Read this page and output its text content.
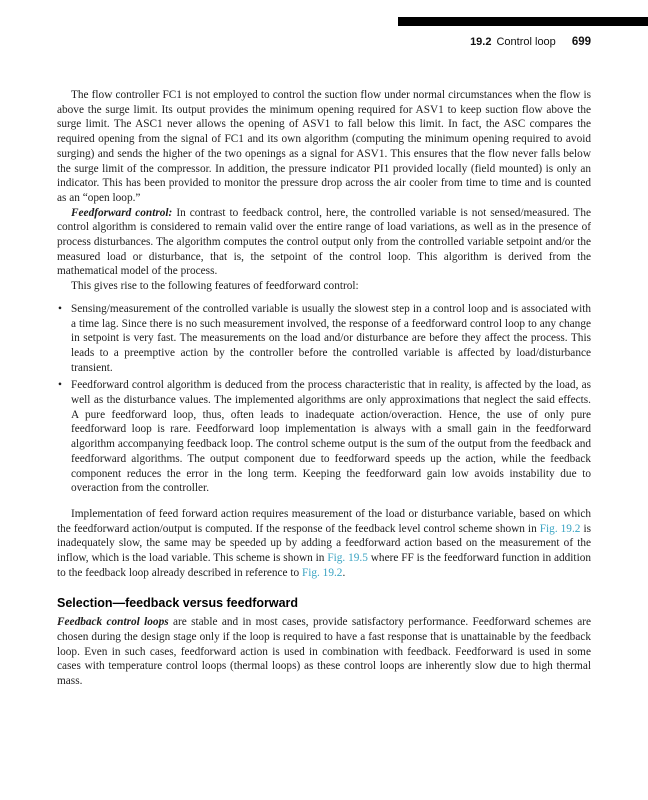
19.2 Control loop 699

The flow controller FC1 is not employed to control the suction flow under normal circumstances when the flow is above the surge limit. Its output provides the minimum opening required for ASV1 to keep suction flow above the surge limit. The ASC1 never allows the opening of ASV1 to fall below this limit. In fact, the ASC compares the required opening from the signal of FC1 and its own algorithm (computing the minimum opening required to avoid surging) and sends the higher of the two openings as a signal for ASV1. This ensures that the flow never falls below the surge limit of the compressor. In addition, the pressure indicator PI1 provided locally (field mounted) is only an indicator. This has been provided to monitor the pressure drop across the air cooler from time to time and is counted as an “open loop.”

Feedforward control: In contrast to feedback control, here, the controlled variable is not sensed/measured. The control algorithm is considered to remain valid over the entire range of load variations, as well as in the presence of process disturbances. The algorithm computes the control output only from the controlled variable setpoint and/or the measured load or disturbance, that is, the setpoint of the control loop. This algorithm is derived from the mathematical model of the process.

This gives rise to the following features of feedforward control:

• Sensing/measurement of the controlled variable is usually the slowest step in a control loop and is associated with a time lag. Since there is no such measurement involved, the response of a feedforward control loop to any change in setpoint is very fast. The measurements on the load and/or disturbance are before they affect the process. This leads to a preemptive action by the controller before the controlled variable is affected by load/disturbance transient.
• Feedforward control algorithm is deduced from the process characteristic that in reality, is affected by the load, as well as the disturbance values. The implemented algorithms are only approximations that neglect the said effects. A pure feedforward loop, thus, often leads to inadequate action/overaction. Hence, the use of only pure feedforward loop is rare. Feedforward loop implementation is always with a small gain in the feedforward algorithm accompanying feedback loop. The control scheme output is the sum of the output from the feedback and feedforward algorithms. The output component due to feedforward speeds up the action, while the feedback component reduces the error in the long term. Keeping the feedforward gain low avoids instability due to overaction from the controller.

Implementation of feed forward action requires measurement of the load or disturbance variable, based on which the feedforward action/output is computed. If the response of the feedback level control scheme shown in Fig. 19.2 is inadequately slow, the same may be speeded up by adding a feedforward action based on the measurement of the inflow, which is the load variable. This scheme is shown in Fig. 19.5 where FF is the feedforward function in addition to the feedback loop already described in reference to Fig. 19.2.

Selection—feedback versus feedforward

Feedback control loops are stable and in most cases, provide satisfactory performance. Feedforward schemes are chosen during the design stage only if the loop is required to have a fast response that is unattainable by the feedback loop. Even in such cases, feedforward action is used in combination with feedback. Feedforward is used in some cases with temperature control loops (thermal loops) as these control loops are inherently slow due to high thermal mass.
